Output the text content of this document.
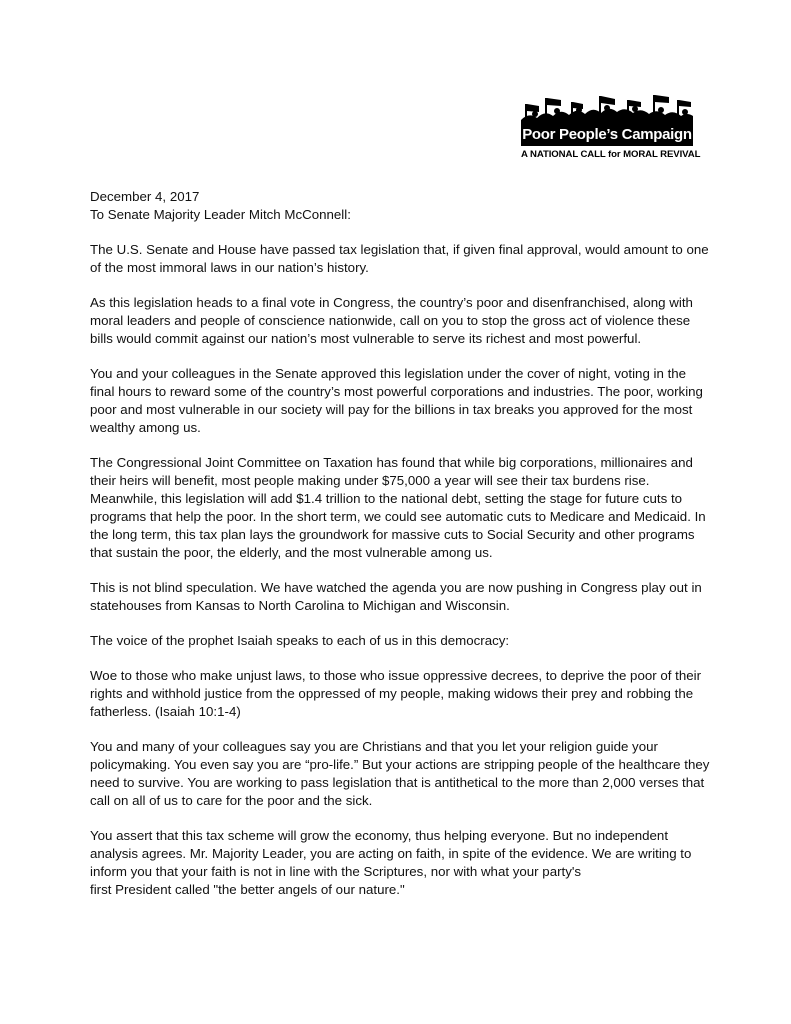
Poor People’s Campaign
A NATIONAL CALL for MORAL REVIVAL
December 4, 2017
To Senate Majority Leader Mitch McConnell:

The U.S. Senate and House have passed tax legislation that, if given final approval, would amount to one of the most immoral laws in our nation’s history.

As this legislation heads to a final vote in Congress, the country’s poor and disenfranchised, along with moral leaders and people of conscience nationwide, call on you to stop the gross act of violence these bills would commit against our nation’s most vulnerable to serve its richest and most powerful.

You and your colleagues in the Senate approved this legislation under the cover of night, voting in the final hours to reward some of the country’s most powerful corporations and industries. The poor, working poor and most vulnerable in our society will pay for the billions in tax breaks you approved for the most wealthy among us.

The Congressional Joint Committee on Taxation has found that while big corporations, millionaires and their heirs will benefit, most people making under $75,000 a year will see their tax burdens rise. Meanwhile, this legislation will add $1.4 trillion to the national debt, setting the stage for future cuts to programs that help the poor. In the short term, we could see automatic cuts to Medicare and Medicaid. In the long term, this tax plan lays the groundwork for massive cuts to Social Security and other programs that sustain the poor, the elderly, and the most vulnerable among us.

This is not blind speculation. We have watched the agenda you are now pushing in Congress play out in statehouses from Kansas to North Carolina to Michigan and Wisconsin.

The voice of the prophet Isaiah speaks to each of us in this democracy:

Woe to those who make unjust laws, to those who issue oppressive decrees, to deprive the poor of their rights and withhold justice from the oppressed of my people, making widows their prey and robbing the fatherless. (Isaiah 10:1-4)

You and many of your colleagues say you are Christians and that you let your religion guide your policymaking. You even say you are “pro-life.” But your actions are stripping people of the healthcare they need to survive. You are working to pass legislation that is antithetical to the more than 2,000 verses that call on all of us to care for the poor and the sick.

You assert that this tax scheme will grow the economy, thus helping everyone. But no independent analysis agrees. Mr. Majority Leader, you are acting on faith, in spite of the evidence. We are writing to inform you that your faith is not in line with the Scriptures, nor with what your party's

first President called "the better angels of our nature."
